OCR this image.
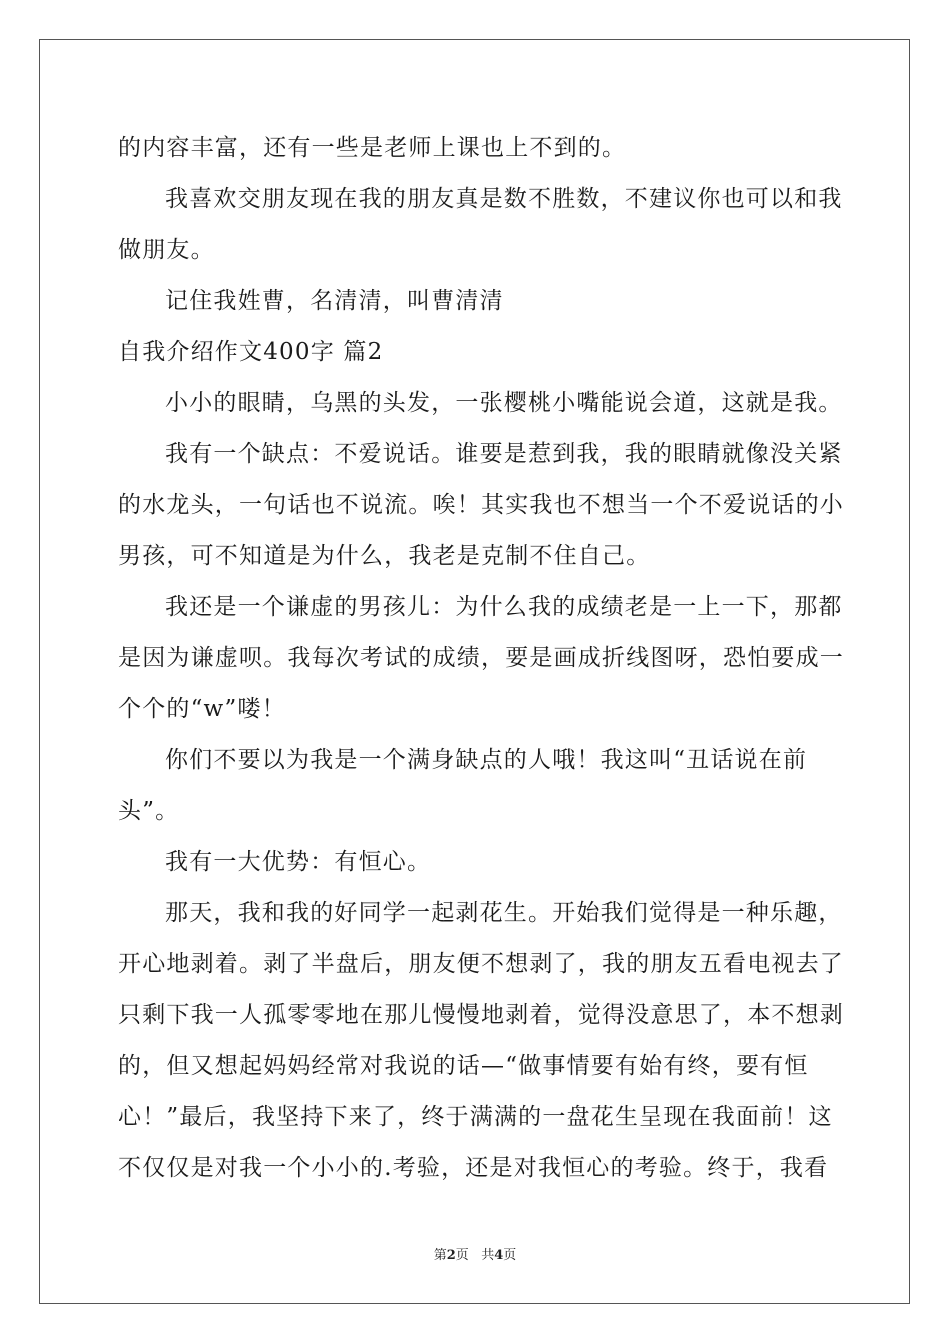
的内容丰富，还有一些是老师上课也上不到的。
我喜欢交朋友现在我的朋友真是数不胜数，不建议你也可以和我
做朋友。
记住我姓曹，名清清，叫曹清清
自我介绍作文400字 篇2
小小的眼睛，乌黑的头发，一张樱桃小嘴能说会道，这就是我。
我有一个缺点：不爱说话。谁要是惹到我，我的眼睛就像没关紧
的水龙头，一句话也不说流。唉！其实我也不想当一个不爱说话的小
男孩，可不知道是为什么，我老是克制不住自己。
我还是一个谦虚的男孩儿：为什么我的成绩老是一上一下，那都
是因为谦虚呗。我每次考试的成绩，要是画成折线图呀，恐怕要成一
个个的“w”喽！
你们不要以为我是一个满身缺点的人哦！我这叫“丑话说在前
头”。
我有一大优势：有恒心。
那天，我和我的好同学一起剥花生。开始我们觉得是一种乐趣，
开心地剥着。剥了半盘后，朋友便不想剥了，我的朋友五看电视去了
只剩下我一人孤零零地在那儿慢慢地剥着，觉得没意思了，本不想剥
的，但又想起妈妈经常对我说的话—“做事情要有始有终，要有恒
心！”最后，我坚持下来了，终于满满的一盘花生呈现在我面前！这
不仅仅是对我一个小小的.考验，还是对我恒心的考验。终于，我看
第2页 共4页
